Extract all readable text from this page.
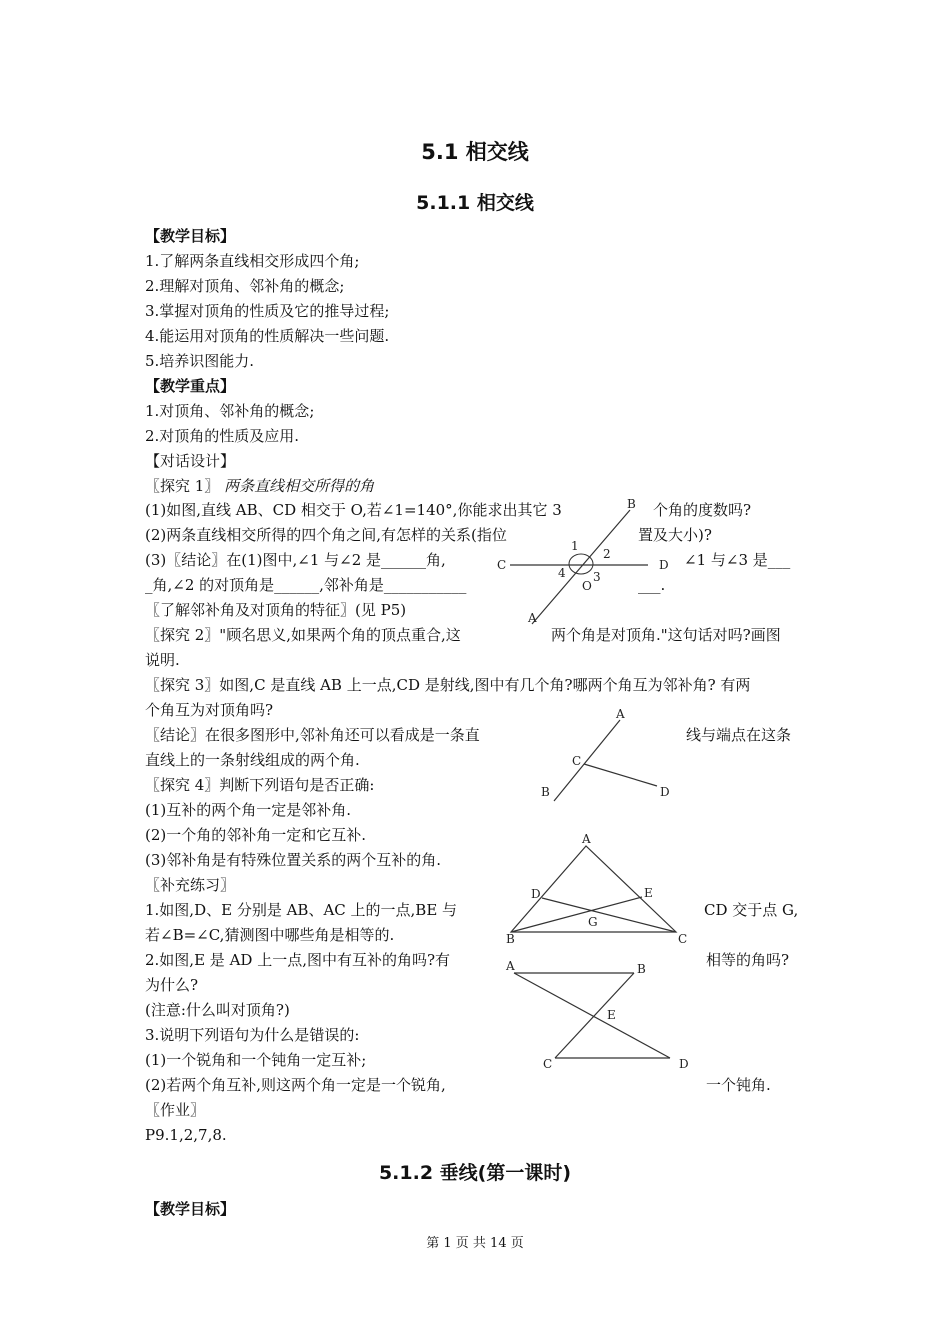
5.1 相交线
5.1.1 相交线
【教学目标】
1.了解两条直线相交形成四个角;
2.理解对顶角、邻补角的概念;
3.掌握对顶角的性质及它的推导过程;
4.能运用对顶角的性质解决一些问题.
5.培养识图能力.
【教学重点】
1.对顶角、邻补角的概念;
2.对顶角的性质及应用.
【对话设计】
〖探究 1〗 两条直线相交所得的角
(1)如图,直线 AB、CD 相交于 O,若∠1=140°,你能求出其它 3	个角的度数吗?
(2)两条直线相交所得的四个角之间,有怎样的关系(指位	置及大小)?
(3)〖结论〗在(1)图中,∠1 与∠2 是______角,	∠1 与∠3 是___
_角,∠2 的对顶角是______,邻补角是___________	___.
〖了解邻补角及对顶角的特征〗(见 P5)
〖探究 2〗"顾名思义,如果两个角的顶点重合,这	两个角是对顶角."这句话对吗?画图
说明.
〖探究 3〗如图,C 是直线 AB 上一点,CD 是射线,图中有几个角?哪两个角互为邻补角? 有两
个角互为对顶角吗?
〖结论〗在很多图形中,邻补角还可以看成是一条直	线与端点在这条
直线上的一条射线组成的两个角.
〖探究 4〗判断下列语句是否正确:
(1)互补的两个角一定是邻补角.
(2)一个角的邻补角一定和它互补.
(3)邻补角是有特殊位置关系的两个互补的角.
〖补充练习〗
1.如图,D、E 分别是 AB、AC 上的一点,BE 与	CD 交于点 G,
若∠B=∠C,猜测图中哪些角是相等的.
2.如图,E 是 AD 上一点,图中有互补的角吗?有	相等的角吗?
为什么?
(注意:什么叫对顶角?)
3.说明下列语句为什么是错误的:
(1)一个锐角和一个钝角一定互补;
(2)若两个角互补,则这两个角一定是一个锐角,	一个钝角.
〖作业〗
P9.1,2,7,8.
5.1.2 垂线(第一课时)
【教学目标】
第 1 页 共 14 页
A
B
C	D
O
1
2
3
4
A
B
C
D
A
B	C
D	E
G
A	B
C	D
E
